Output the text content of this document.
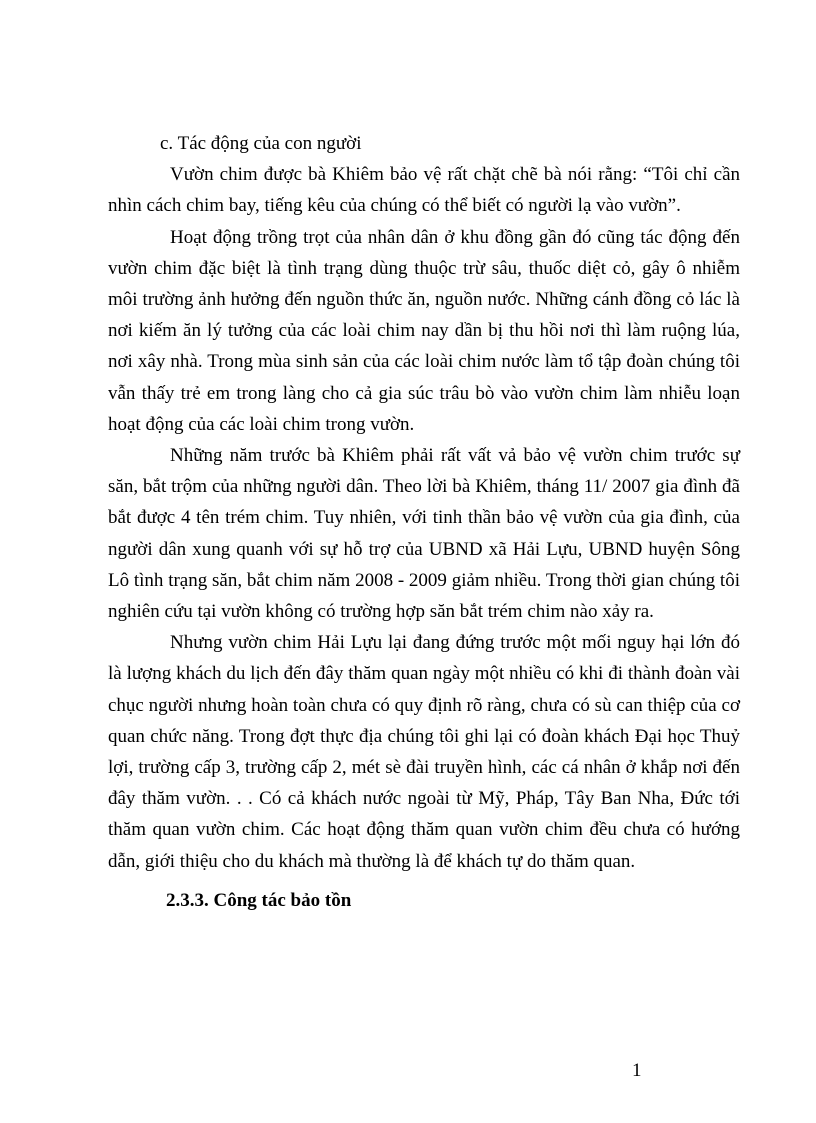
c. Tác động của con người

Vườn chim được bà Khiêm bảo vệ rất chặt chẽ bà nói rằng: “Tôi chỉ cần nhìn cách chim bay, tiếng kêu của chúng có thể biết có người lạ vào vườn”.

Hoạt động trồng trọt của nhân dân ở khu đồng gần đó cũng tác động đến vườn chim đặc biệt là tình trạng dùng thuộc trừ sâu, thuốc diệt cỏ, gây ô nhiễm môi trường ảnh hưởng đến nguồn thức ăn, nguồn nước. Những cánh đồng cỏ lác là nơi kiếm ăn lý tưởng của các loài chim nay dần bị thu hồi nơi thì làm ruộng lúa, nơi xây nhà. Trong mùa sinh sản của các loài chim nước làm tổ tập đoàn chúng tôi vẫn thấy trẻ em trong làng cho cả gia súc trâu bò vào vườn chim làm nhiễu loạn hoạt động của các loài chim trong vườn.

Những năm trước bà Khiêm phải rất vất vả bảo vệ vườn chim trước sự săn, bắt trộm của những người dân. Theo lời bà Khiêm, tháng 11/ 2007 gia đình đã bắt được 4 tên trém chim. Tuy nhiên, với tinh thần bảo vệ vườn của gia đình, của người dân xung quanh với sự hỗ trợ của UBND xã Hải Lựu, UBND huyện Sông Lô tình trạng săn, bắt chim năm 2008 - 2009 giảm nhiều. Trong thời gian chúng tôi nghiên cứu tại vườn không có trường hợp săn bắt trém chim nào xảy ra.

Nhưng vườn chim Hải Lựu lại đang đứng trước một mối nguy hại lớn đó là lượng khách du lịch đến đây thăm quan ngày một nhiều có khi đi thành đoàn vài chục người nhưng hoàn toàn chưa có quy định rõ ràng, chưa có sù can thiệp của cơ quan chức năng. Trong đợt thực địa chúng tôi ghi lại có đoàn khách Đại học Thuỷ lợi, trường cấp 3, trường cấp 2, mét sè đài truyền hình, các cá nhân ở khắp nơi đến đây thăm vườn. . . Có cả khách nước ngoài từ Mỹ, Pháp, Tây Ban Nha, Đức tới thăm quan vườn chim. Các hoạt động thăm quan vườn chim đều chưa có hướng dẫn, giới thiệu cho du khách mà thường là để khách tự do thăm quan.

2.3.3. Công tác bảo tồn

1
